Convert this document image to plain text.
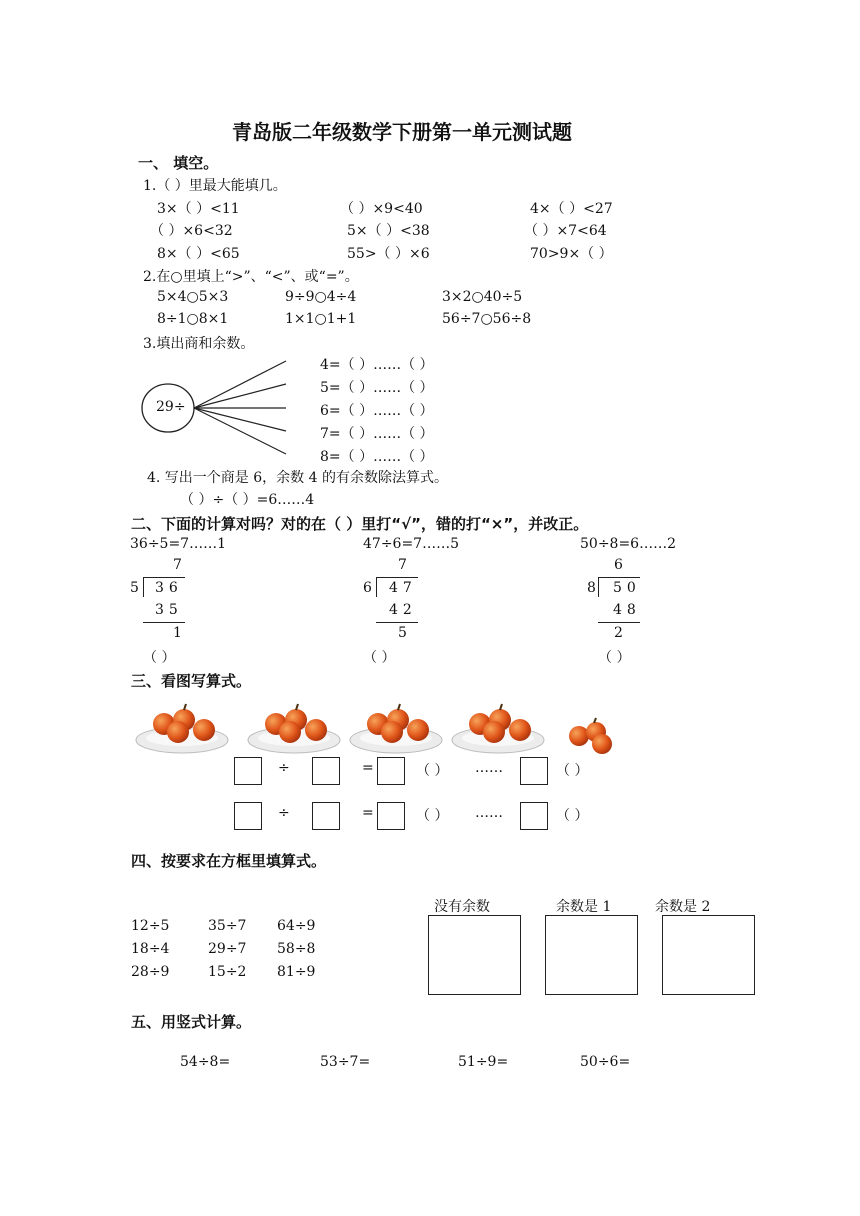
青岛版二年级数学下册第一单元测试题
一、 填空。
1.（ ）里最大能填几。
3×（ ）<11	（ ）×9<40	4×（ ）<27
（ ）×6<32	5×（ ）<38	（ ）×7<64
8×（ ）<65	55>（ ）×6	70>9×（ ）
2.在○里填上“>”、“<”、或“=”。
5×4○5×3	9÷9○4÷4	3×2○40÷5
8÷1○8×1	1×1○1+1	56÷7○56÷8
3.填出商和余数。
29÷
4=（ ）……（ ）
5=（ ）……（ ）
6=（ ）……（ ）
7=（ ）……（ ）
8=（ ）……（ ）
4. 写出一个商是 6，余数 4 的有余数除法算式。
（ ）÷（ ）=6……4
二、下面的计算对吗？对的在（ ）里打“√”，错的打“×”，并改正。
36÷5=7……1
7
5 36
35
1
（ ）
47÷6=7……5
7
6 47
42
5
（ ）
50÷8=6……2
6
8 50
48
2
（ ）
三、看图写算式。
÷	=	（ ） ……	（ ）
÷	=	（ ） ……	（ ）
四、按要求在方框里填算式。
12÷5	35÷7 64÷9
18÷4	29÷7 58÷8
28÷9	15÷2 81÷9
没有余数	余数是 1	余数是 2
五、用竖式计算。
54÷8=	53÷7=	51÷9=	50÷6=
